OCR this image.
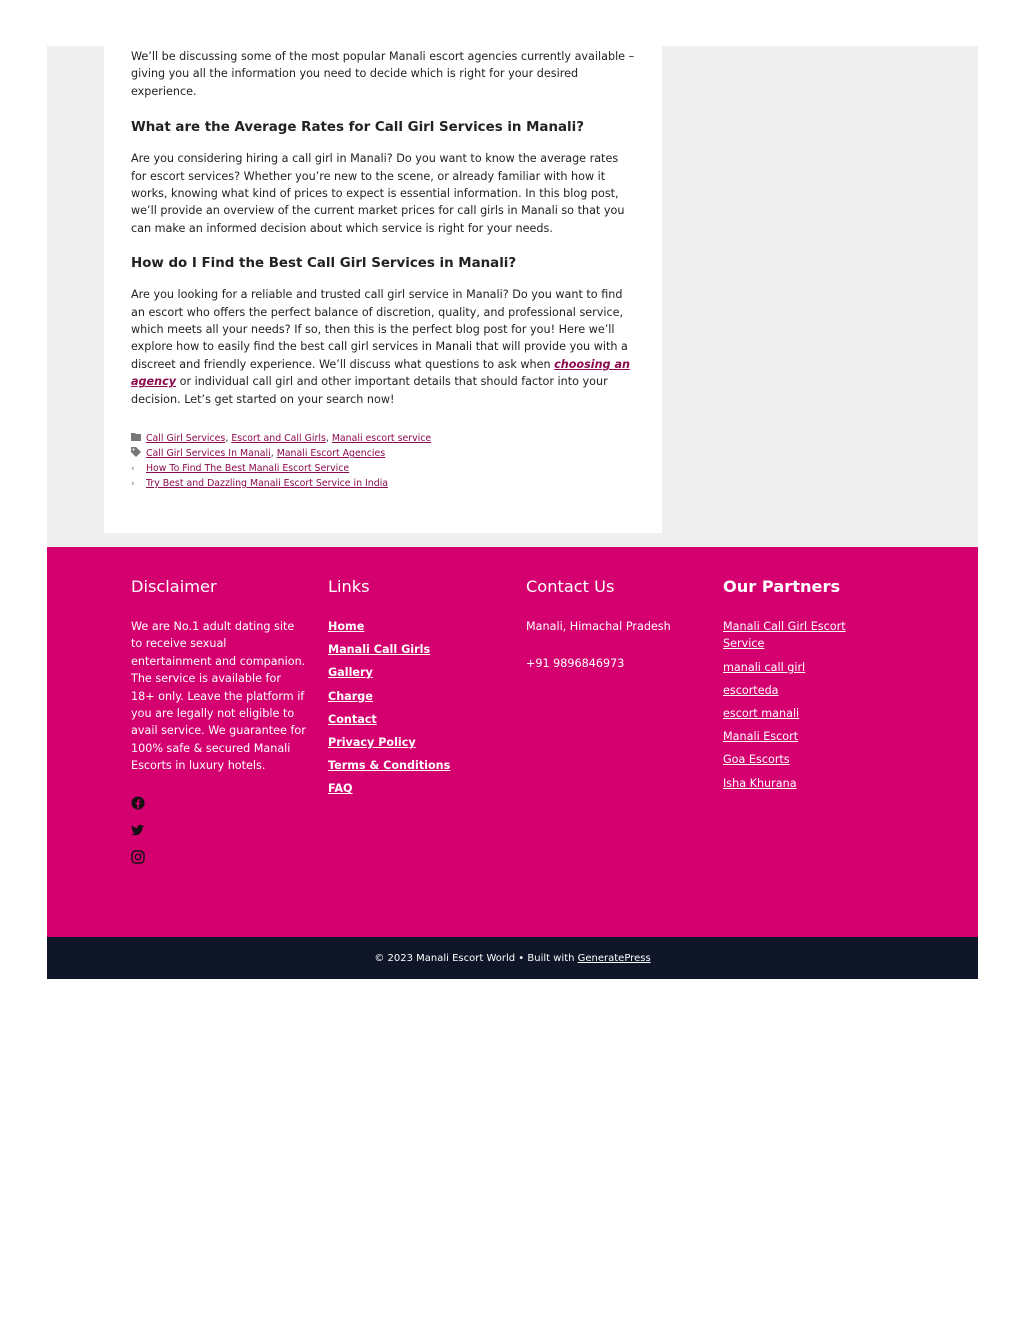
We’ll be discussing some of the most popular Manali escort agencies currently available – giving you all the information you need to decide which is right for your desired experience.

What are the Average Rates for Call Girl Services in Manali?

Are you considering hiring a call girl in Manali? Do you want to know the average rates for escort services? Whether you’re new to the scene, or already familiar with how it works, knowing what kind of prices to expect is essential information. In this blog post, we’ll provide an overview of the current market prices for call girls in Manali so that you can make an informed decision about which service is right for your needs.

How do I Find the Best Call Girl Services in Manali?

Are you looking for a reliable and trusted call girl service in Manali? Do you want to find an escort who offers the perfect balance of discretion, quality, and professional service, which meets all your needs? If so, then this is the perfect blog post for you! Here we’ll explore how to easily find the best call girl services in Manali that will provide you with a discreet and friendly experience. We’ll discuss what questions to ask when choosing an agency or individual call girl and other important details that should factor into your decision. Let’s get started on your search now!

Call Girl Services , Escort and Call Girls , Manali escort service
Call Girl Services In Manali , Manali Escort Agencies
‹	How To Find The Best Manali Escort Service
›	Try Best and Dazzling Manali Escort Service in India
Disclaimer
We are No.1 adult dating site to receive sexual entertainment and companion. The service is available for 18+ only. Leave the platform if you are legally not eligible to avail service. We guarantee for 100% safe & secured Manali Escorts in luxury hotels.
Links
Home
Manali Call Girls
Gallery
Charge
Contact
Privacy Policy
Terms & Conditions
FAQ
Contact Us

Manali, Himachal Pradesh

+91 9896846973

Our Partners
Manali Call Girl Escort Service
manali call girl
escorteda
escort manali
Manali Escort
Goa Escorts
Isha Khurana
© 2023 Manali Escort World • Built with GeneratePress
